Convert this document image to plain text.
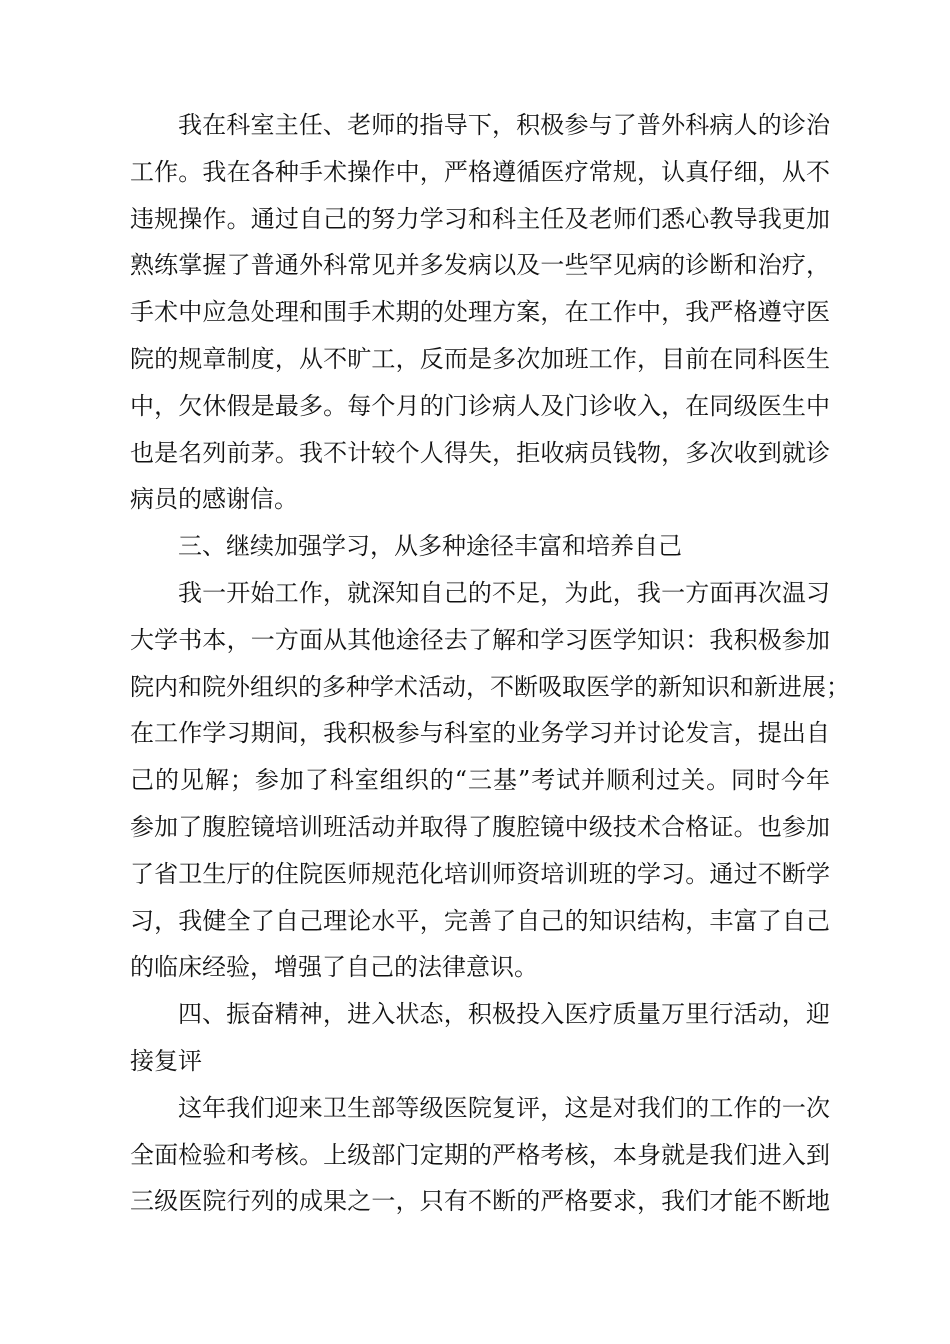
我在科室主任、老师的指导下，积极参与了普外科病人的诊治
工作。我在各种手术操作中，严格遵循医疗常规，认真仔细，从不
违规操作。通过自己的努力学习和科主任及老师们悉心教导我更加
熟练掌握了普通外科常见并多发病以及一些罕见病的诊断和治疗，
手术中应急处理和围手术期的处理方案，在工作中，我严格遵守医
院的规章制度，从不旷工，反而是多次加班工作，目前在同科医生
中，欠休假是最多。每个月的门诊病人及门诊收入，在同级医生中
也是名列前茅。我不计较个人得失，拒收病员钱物，多次收到就诊
病员的感谢信。
三、继续加强学习，从多种途径丰富和培养自己
我一开始工作，就深知自己的不足，为此，我一方面再次温习
大学书本，一方面从其他途径去了解和学习医学知识：我积极参加
院内和院外组织的多种学术活动，不断吸取医学的新知识和新进展；
在工作学习期间，我积极参与科室的业务学习并讨论发言，提出自
己的见解；参加了科室组织的“三基”考试并顺利过关。同时今年
参加了腹腔镜培训班活动并取得了腹腔镜中级技术合格证。也参加
了省卫生厅的住院医师规范化培训师资培训班的学习。通过不断学
习，我健全了自己理论水平，完善了自己的知识结构，丰富了自己
的临床经验，增强了自己的法律意识。
四、振奋精神，进入状态，积极投入医疗质量万里行活动，迎
接复评
这年我们迎来卫生部等级医院复评，这是对我们的工作的一次
全面检验和考核。上级部门定期的严格考核，本身就是我们进入到
三级医院行列的成果之一，只有不断的严格要求，我们才能不断地
